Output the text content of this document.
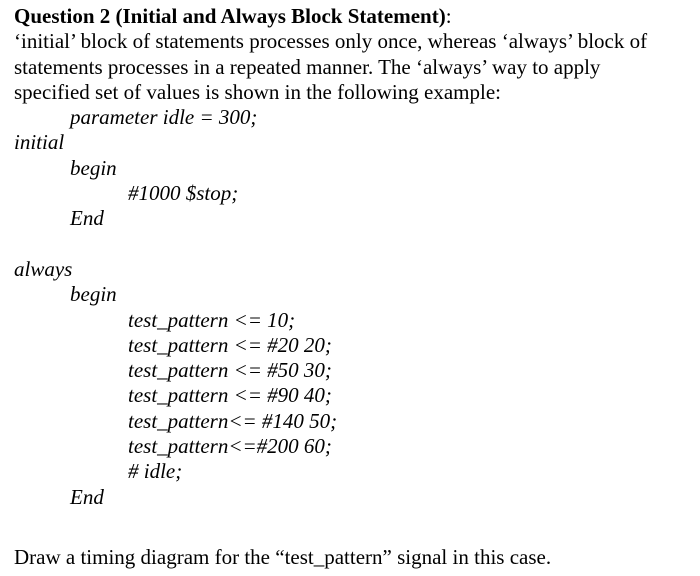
Question 2 (Initial and Always Block Statement):
‘initial’ block of statements processes only once, whereas ‘always’ block of
statements processes in a repeated manner. The ‘always’ way to apply
specified set of values is shown in the following example:
parameter idle = 300;
initial
begin
#1000 $stop;
End
always
begin
test_pattern <= 10;
test_pattern <= #20 20;
test_pattern <= #50 30;
test_pattern <= #90 40;
test_pattern<= #140 50;
test_pattern<=#200 60;
# idle;
End
Draw a timing diagram for the “test_pattern” signal in this case.
